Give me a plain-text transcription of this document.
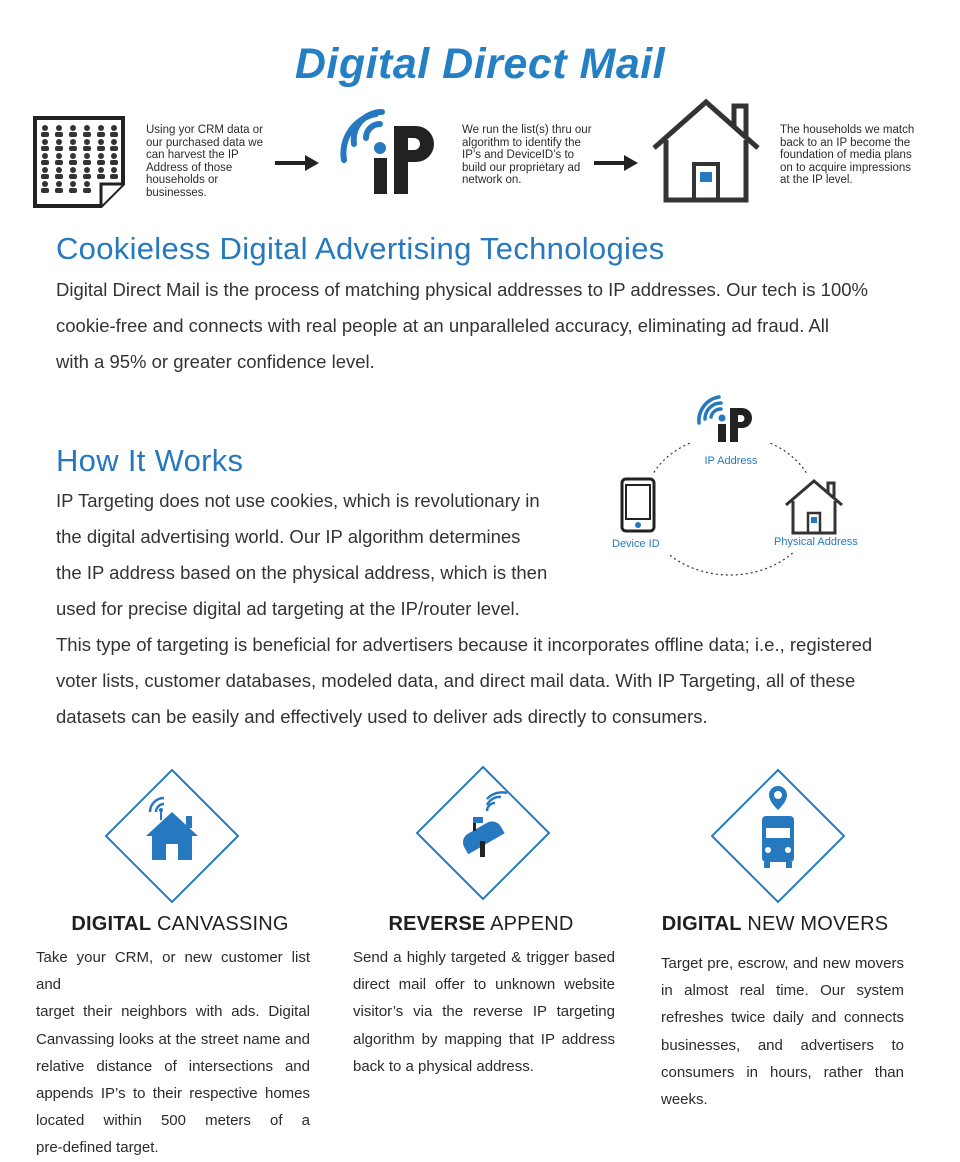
Digital Direct Mail
Using yor CRM data or our purchased data we can harvest the IP Address of those households or businesses.
We run the list(s) thru our algorithm to identify the IP’s and DeviceID’s to build our proprietary ad network on.
The households we match back to an IP become the foundation of media plans on to acquire impressions at the IP level.
Cookieless Digital Advertising Technologies
Digital Direct Mail is the process of matching physical addresses to IP addresses. Our tech is 100%
cookie-free and connects with real people at an unparalleled accuracy, eliminating ad fraud. All
with a 95% or greater confidence level.
How It Works
IP Targeting does not use cookies, which is revolutionary in
the digital advertising world. Our IP algorithm determines
the IP address based on the physical address, which is then
used for precise digital ad targeting at the IP/router level.
This type of targeting is beneficial for advertisers because it incorporates offline data; i.e., registered
voter lists, customer databases, modeled data, and direct mail data. With IP Targeting, all of these
datasets can be easily and effectively used to deliver ads directly to consumers.
IP Address
Device ID	Physical Address
DIGITAL CANVASSING
Take your CRM, or new customer list and
target their neighbors with ads. Digital
Canvassing looks at the street name and
relative distance of intersections and
appends IP’s to their respective homes
located within 500 meters of a
pre-defined target.
REVERSE APPEND
Send a highly targeted & trigger based
direct mail offer to unknown website
visitor’s via the reverse IP targeting
algorithm by mapping that IP address
back to a physical address.
DIGITAL NEW MOVERS
Target pre, escrow, and new movers
in almost real time. Our system
refreshes twice daily and connects
businesses, and advertisers to
consumers in hours, rather than
weeks.
